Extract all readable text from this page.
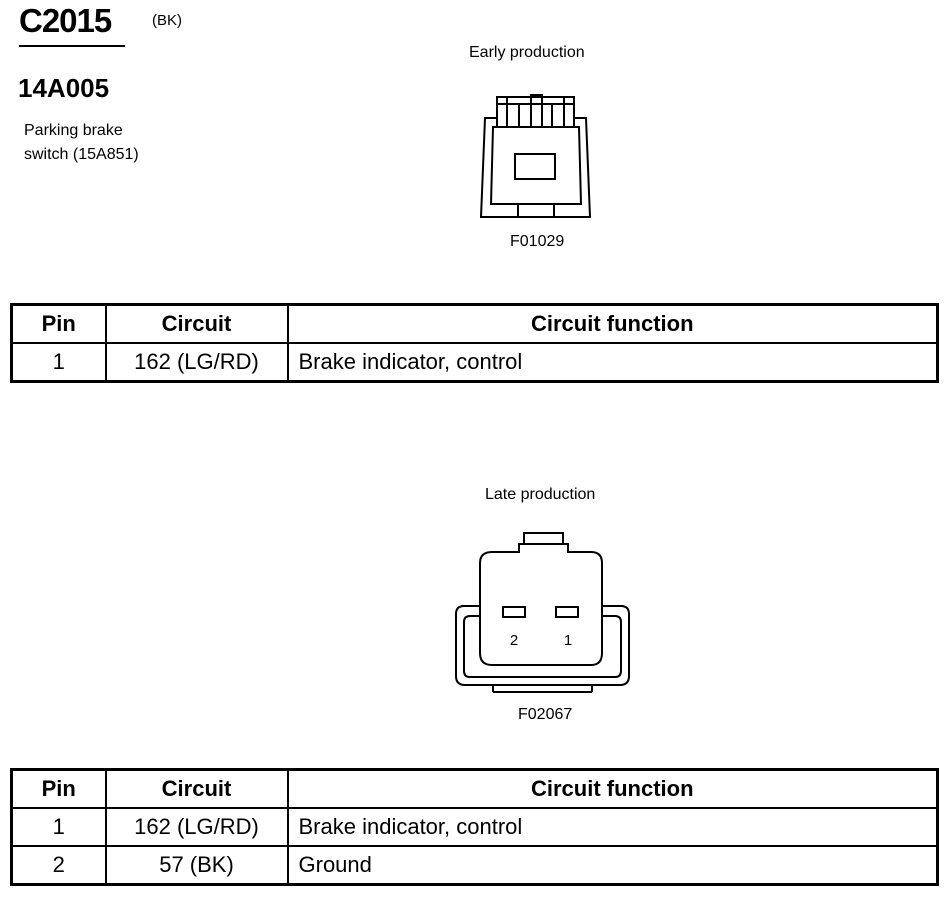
C2015	(BK)
14A005
Parking brake
switch (15A851)
Early production
F01029
Pin	Circuit	Circuit function
1	162 (LG/RD)	Brake indicator, control
Late production
2	1
F02067
Pin	Circuit	Circuit function
1	162 (LG/RD)	Brake indicator, control
2	57 (BK)	Ground
